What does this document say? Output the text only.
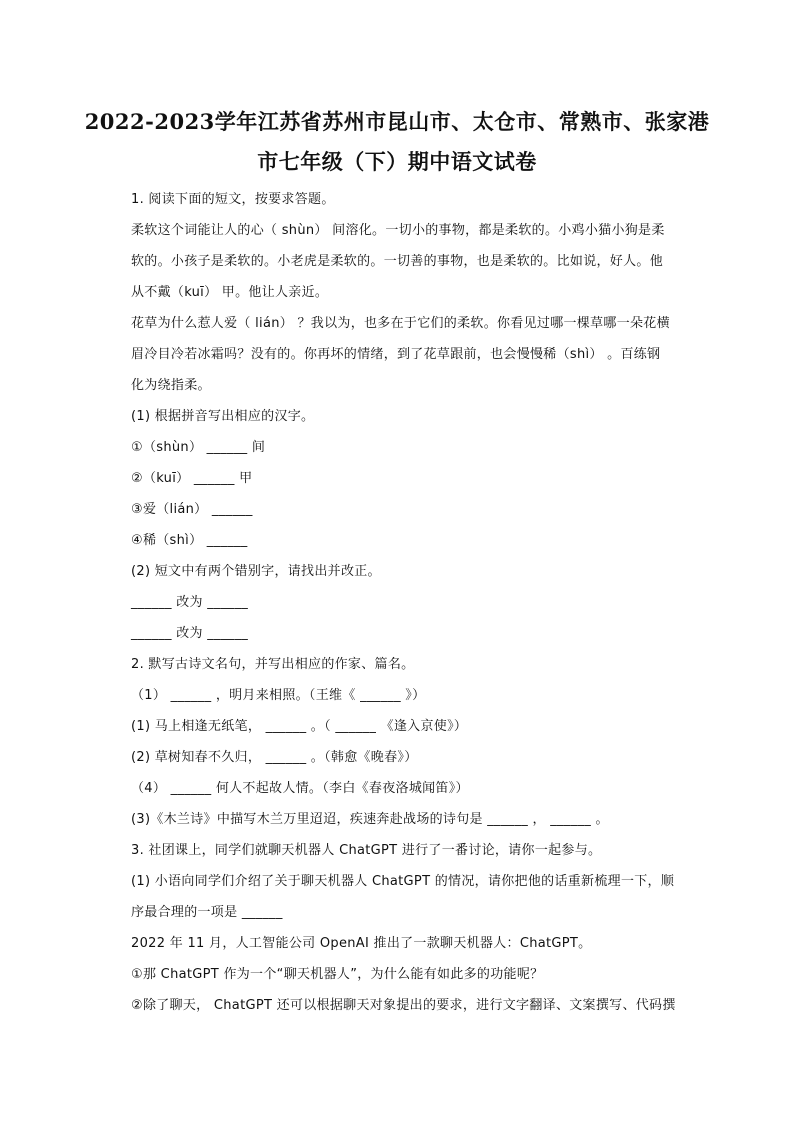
2022-2023学年江苏省苏州市昆山市、太仓市、常熟市、张家港
市七年级（下）期中语文试卷
1. 阅读下面的短文，按要求答题。
柔软这个词能让人的心（ shùn） 间溶化。一切小的事物，都是柔软的。小鸡小猫小狗是柔
软的。小孩子是柔软的。小老虎是柔软的。一切善的事物，也是柔软的。比如说，好人。他
从不戴（kuī） 甲。他让人亲近。
花草为什么惹人爱（ lián） ？我以为，也多在于它们的柔软。你看见过哪一棵草哪一朵花横
眉冷目冷若冰霜吗？没有的。你再坏的情绪，到了花草跟前，也会慢慢稀（shì） 。百练钢
化为绕指柔。
(1) 根据拼音写出相应的汉字。
①（shùn） ______ 间
②（kuī） ______ 甲
③爱（lián） ______
④稀（shì） ______
(2) 短文中有两个错别字，请找出并改正。
______ 改为 ______
______ 改为 ______
2. 默写古诗文名句，并写出相应的作家、篇名。
（1） ______ ，明月来相照。（王维《 ______ 》）
(1) 马上相逢无纸笔， ______ 。（ ______ 《逢入京使》）
(2) 草树知春不久归， ______ 。（韩愈《晚春》）
（4） ______ 何人不起故人情。（李白《春夜洛城闻笛》）
(3)《木兰诗》中描写木兰万里迢迢，疾速奔赴战场的诗句是 ______ ， ______ 。
3. 社团课上，同学们就聊天机器人 ChatGPT 进行了一番讨论，请你一起参与。
(1) 小语向同学们介绍了关于聊天机器人 ChatGPT 的情况，请你把他的话重新梳理一下，顺
序最合理的一项是 ______
2022 年 11 月，人工智能公司 OpenAI 推出了一款聊天机器人：ChatGPT。
①那 ChatGPT 作为一个“聊天机器人”，为什么能有如此多的功能呢？
②除了聊天， ChatGPT 还可以根据聊天对象提出的要求，进行文字翻译、文案撰写、代码撰
